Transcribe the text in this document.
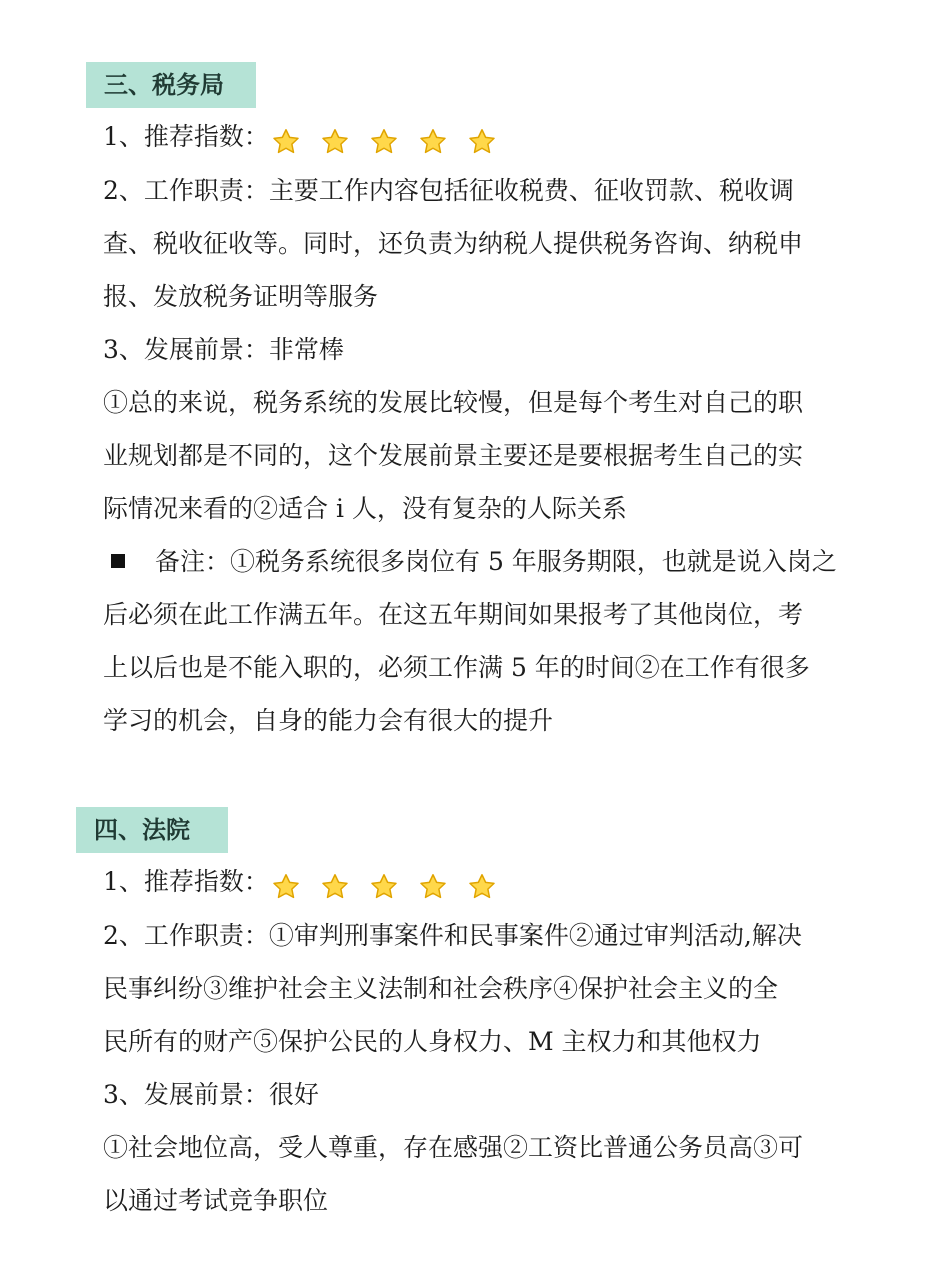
三、税务局
1、推荐指数：
2、工作职责：主要工作内容包括征收税费、征收罚款、税收调
查、税收征收等。同时，还负责为纳税人提供税务咨询、纳税申
报、发放税务证明等服务
3、发展前景：非常棒
①总的来说，税务系统的发展比较慢，但是每个考生对自己的职
业规划都是不同的，这个发展前景主要还是要根据考生自己的实
际情况来看的②适合 i 人，没有复杂的人际关系
备注：①税务系统很多岗位有 5 年服务期限，也就是说入岗之
后必须在此工作满五年。在这五年期间如果报考了其他岗位，考
上以后也是不能入职的，必须工作满 5 年的时间②在工作有很多
学习的机会，自身的能力会有很大的提升
四、法院
1、推荐指数：
2、工作职责：①审判刑事案件和民事案件②通过审判活动,解决
民事纠纷③维护社会主义法制和社会秩序④保护社会主义的全
民所有的财产⑤保护公民的人身权力、M 主权力和其他权力
3、发展前景：很好
①社会地位高，受人尊重，存在感强②工资比普通公务员高③可
以通过考试竞争职位
